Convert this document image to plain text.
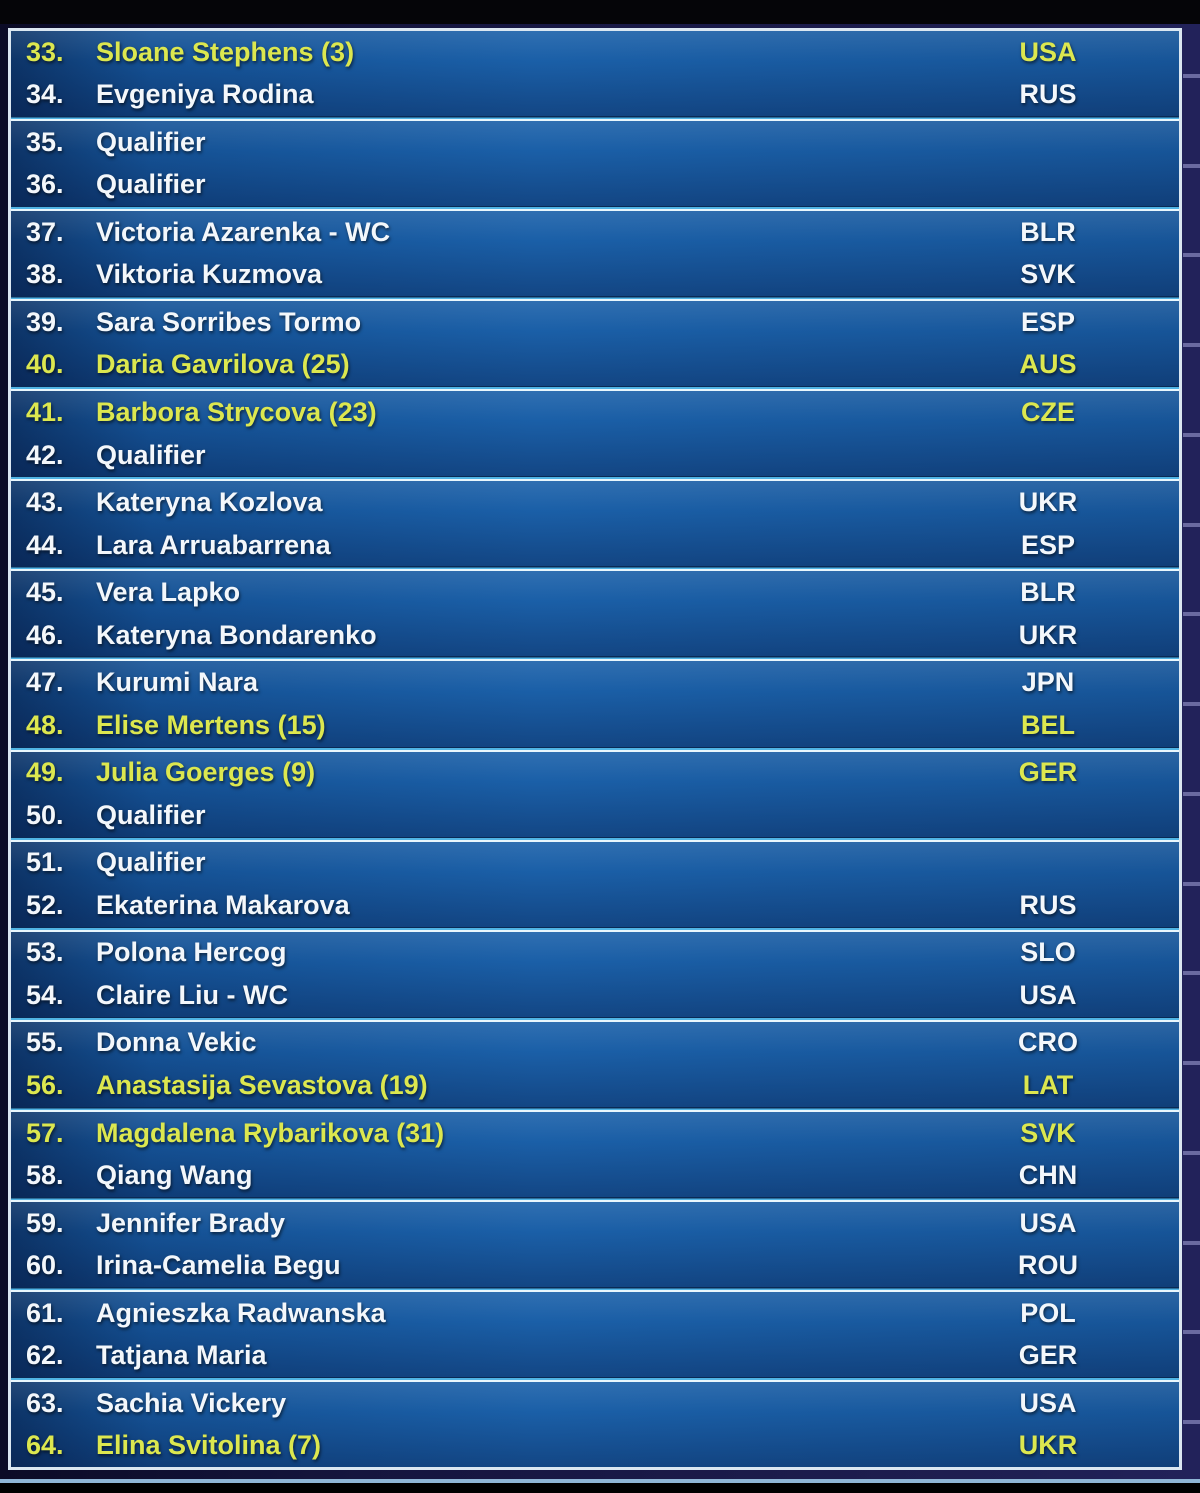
33.	Sloane Stephens (3)	USA
34.	Evgeniya Rodina	RUS
35.	Qualifier
36.	Qualifier
37.	Victoria Azarenka - WC	BLR
38.	Viktoria Kuzmova	SVK
39.	Sara Sorribes Tormo	ESP
40.	Daria Gavrilova (25)	AUS
41.	Barbora Strycova (23)	CZE
42.	Qualifier
43.	Kateryna Kozlova	UKR
44.	Lara Arruabarrena	ESP
45.	Vera Lapko	BLR
46.	Kateryna Bondarenko	UKR
47.	Kurumi Nara	JPN
48.	Elise Mertens (15)	BEL
49.	Julia Goerges (9)	GER
50.	Qualifier
51.	Qualifier
52.	Ekaterina Makarova	RUS
53.	Polona Hercog	SLO
54.	Claire Liu - WC	USA
55.	Donna Vekic	CRO
56.	Anastasija Sevastova (19)	LAT
57.	Magdalena Rybarikova (31)	SVK
58.	Qiang Wang	CHN
59.	Jennifer Brady	USA
60.	Irina-Camelia Begu	ROU
61.	Agnieszka Radwanska	POL
62.	Tatjana Maria	GER
63.	Sachia Vickery	USA
64.	Elina Svitolina (7)	UKR
